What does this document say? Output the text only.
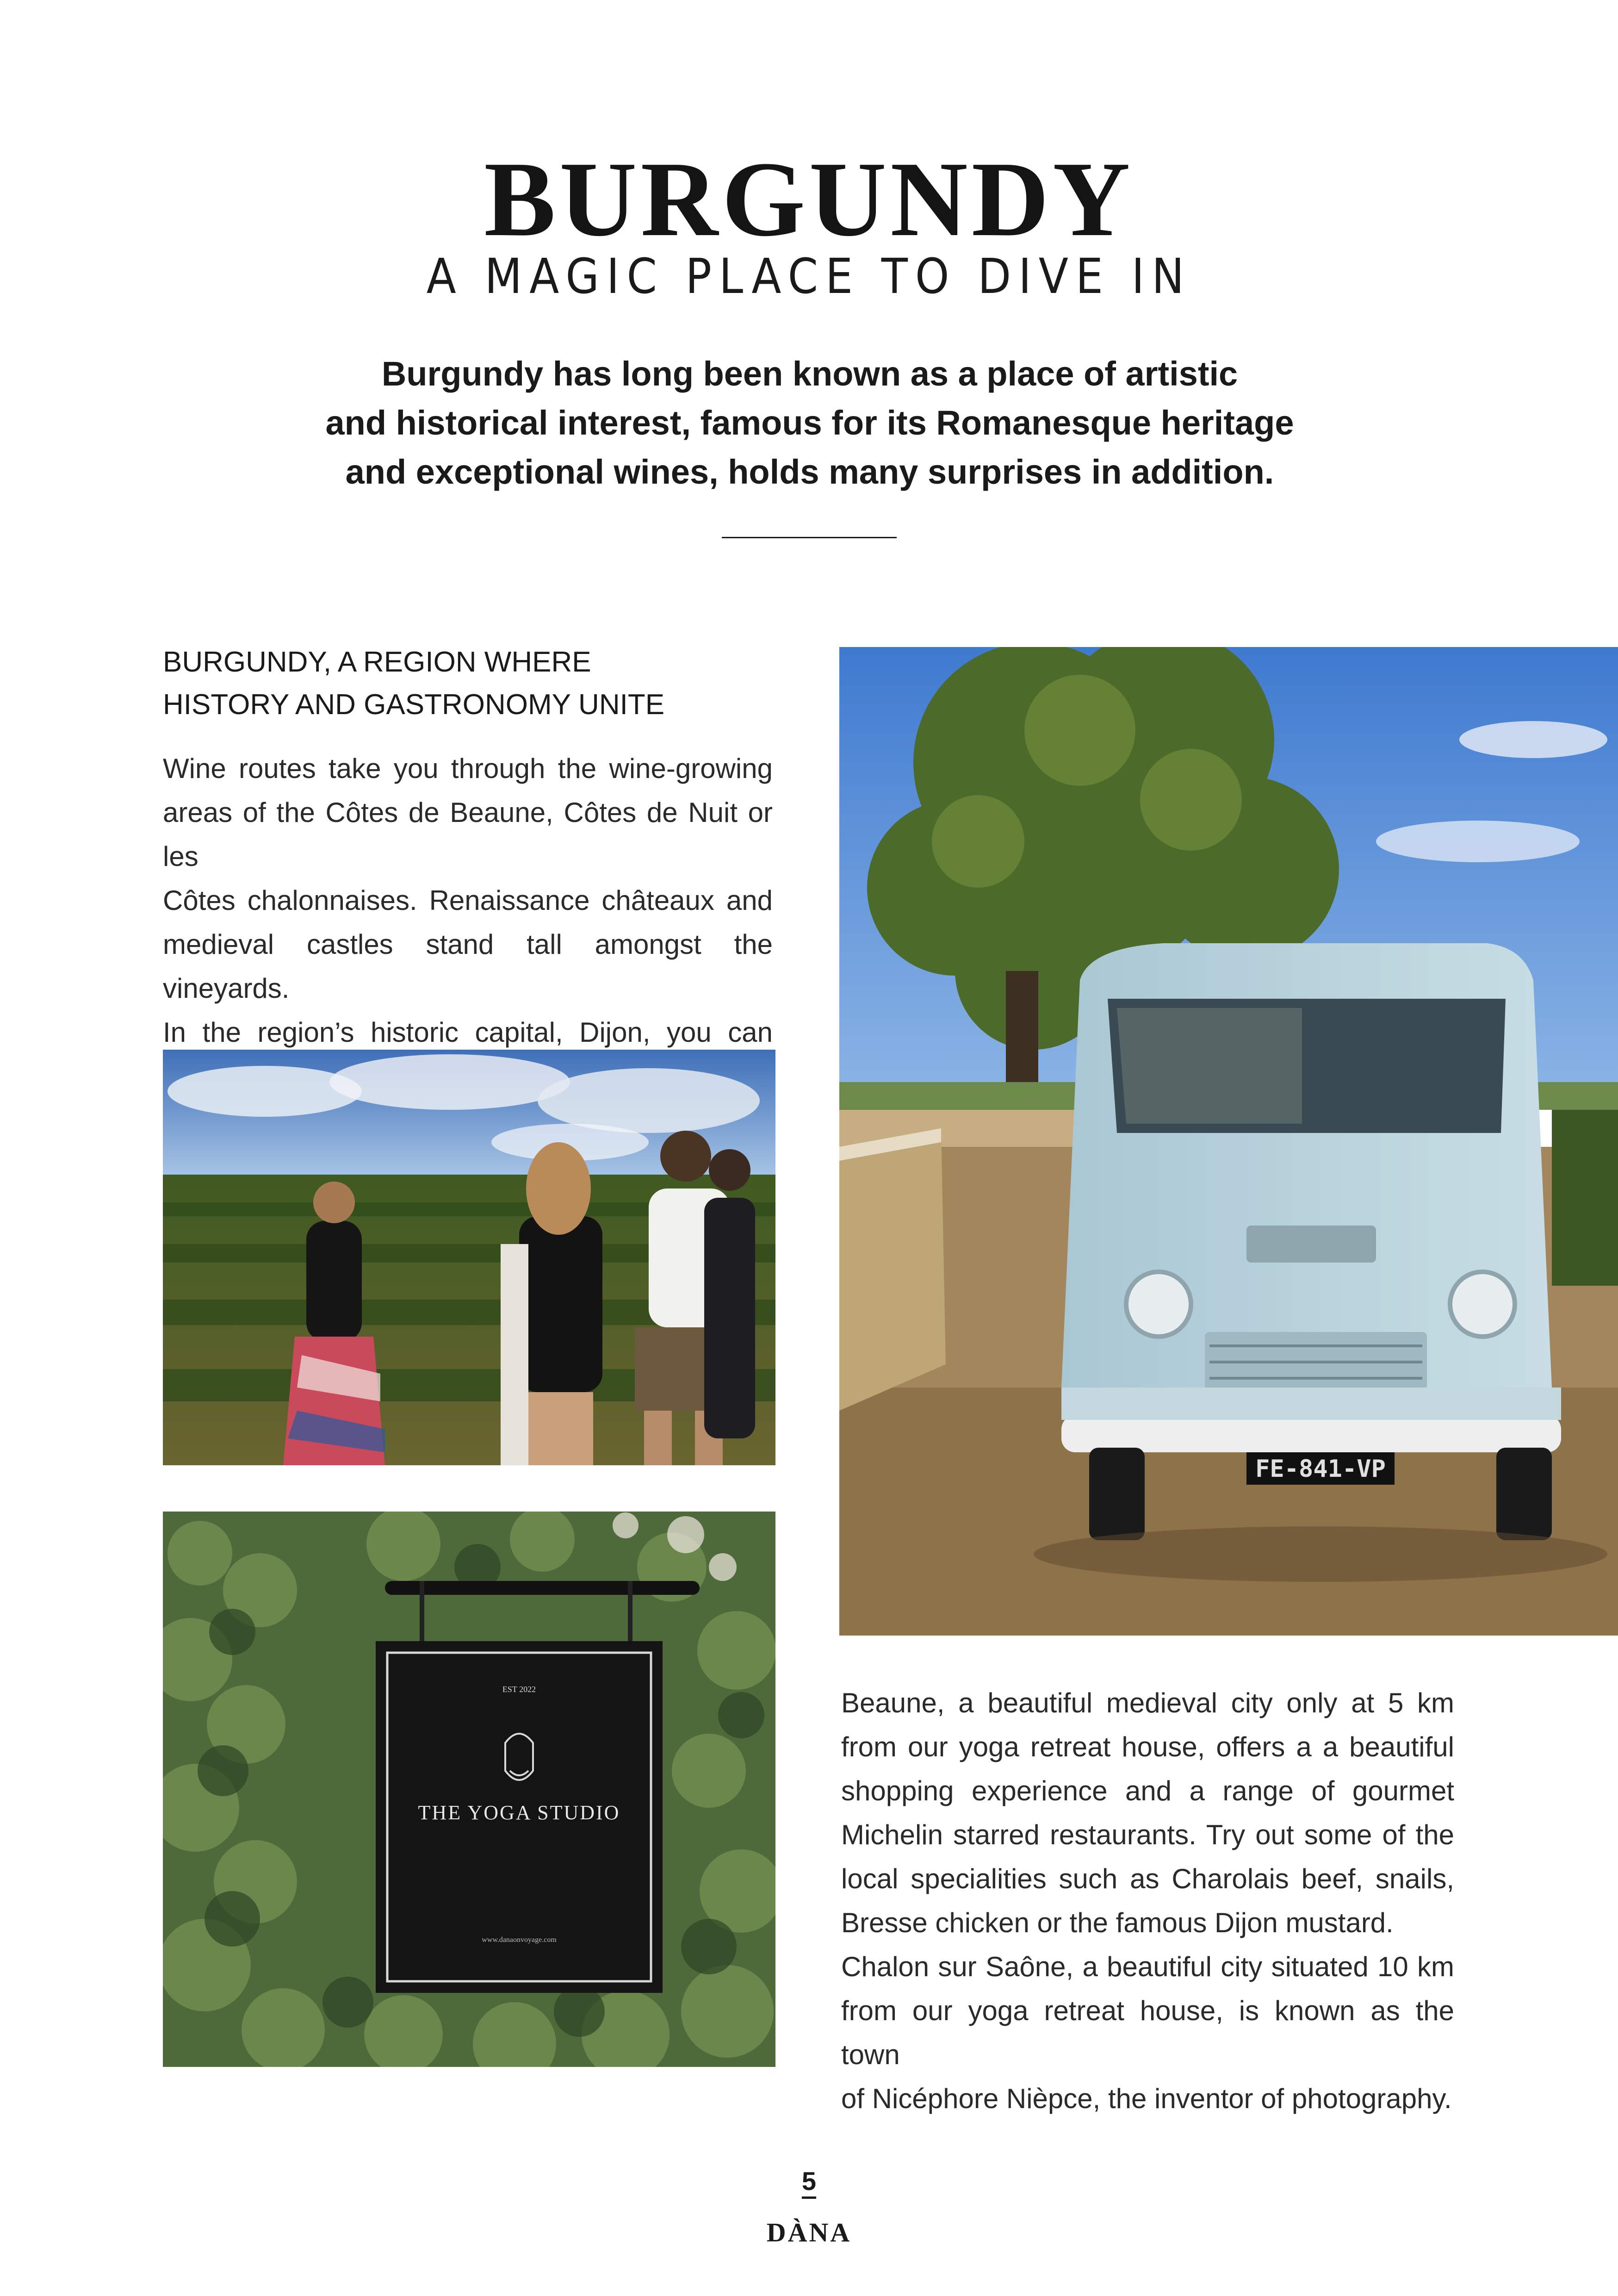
BURGUNDY
A MAGIC PLACE TO DIVE IN
Burgundy has long been known as a place of artistic
and historical interest, famous for its Romanesque heritage
and exceptional wines, holds many surprises in addition.
BURGUNDY, A REGION WHERE
HISTORY AND GASTRONOMY UNITE
Wine routes take you through the wine-growing
areas of the Côtes de Beaune, Côtes de Nuit or les
Côtes chalonnaises. Renaissance châteaux and
medieval castles stand tall amongst the vineyards.
In the region’s historic capital, Dijon, you can
EST 2022
THE YOGA STUDIO
www.danaonvoyage.com
FE-841-VP
Beaune, a beautiful medieval city only at 5 km
from our yoga retreat house, offers a a beautiful
shopping experience and a range of gourmet
Michelin starred restaurants. Try out some of the
local specialities such as Charolais beef, snails,
Bresse chicken or the famous Dijon mustard.
Chalon sur Saône, a beautiful city situated 10 km
from our yoga retreat house, is known as the town
of Nicéphore Nièpce, the inventor of photography.
5
DÀNA
